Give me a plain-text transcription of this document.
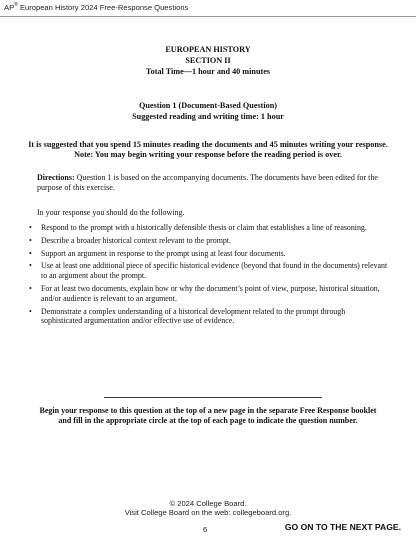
AP® European History 2024 Free-Response Questions
EUROPEAN HISTORY
SECTION II
Total Time—1 hour and 40 minutes
Question 1 (Document-Based Question)
Suggested reading and writing time: 1 hour
It is suggested that you spend 15 minutes reading the documents and 45 minutes writing your response.
Note: You may begin writing your response before the reading period is over.
Directions: Question 1 is based on the accompanying documents. The documents have been edited for the purpose of this exercise.
In your response you should do the following.
• Respond to the prompt with a historically defensible thesis or claim that establishes a line of reasoning.
• Describe a broader historical context relevant to the prompt.
• Support an argument in response to the prompt using at least four documents.
• Use at least one additional piece of specific historical evidence (beyond that found in the documents) relevant to an argument about the prompt.
• For at least two documents, explain how or why the document’s point of view, purpose, historical situation, and/or audience is relevant to an argument.
• Demonstrate a complex understanding of a historical development related to the prompt through sophisticated argumentation and/or effective use of evidence.
Begin your response to this question at the top of a new page in the separate Free Response booklet
and fill in the appropriate circle at the top of each page to indicate the question number.
© 2024 College Board.
Visit College Board on the web: collegeboard.org.
6	GO ON TO THE NEXT PAGE.
